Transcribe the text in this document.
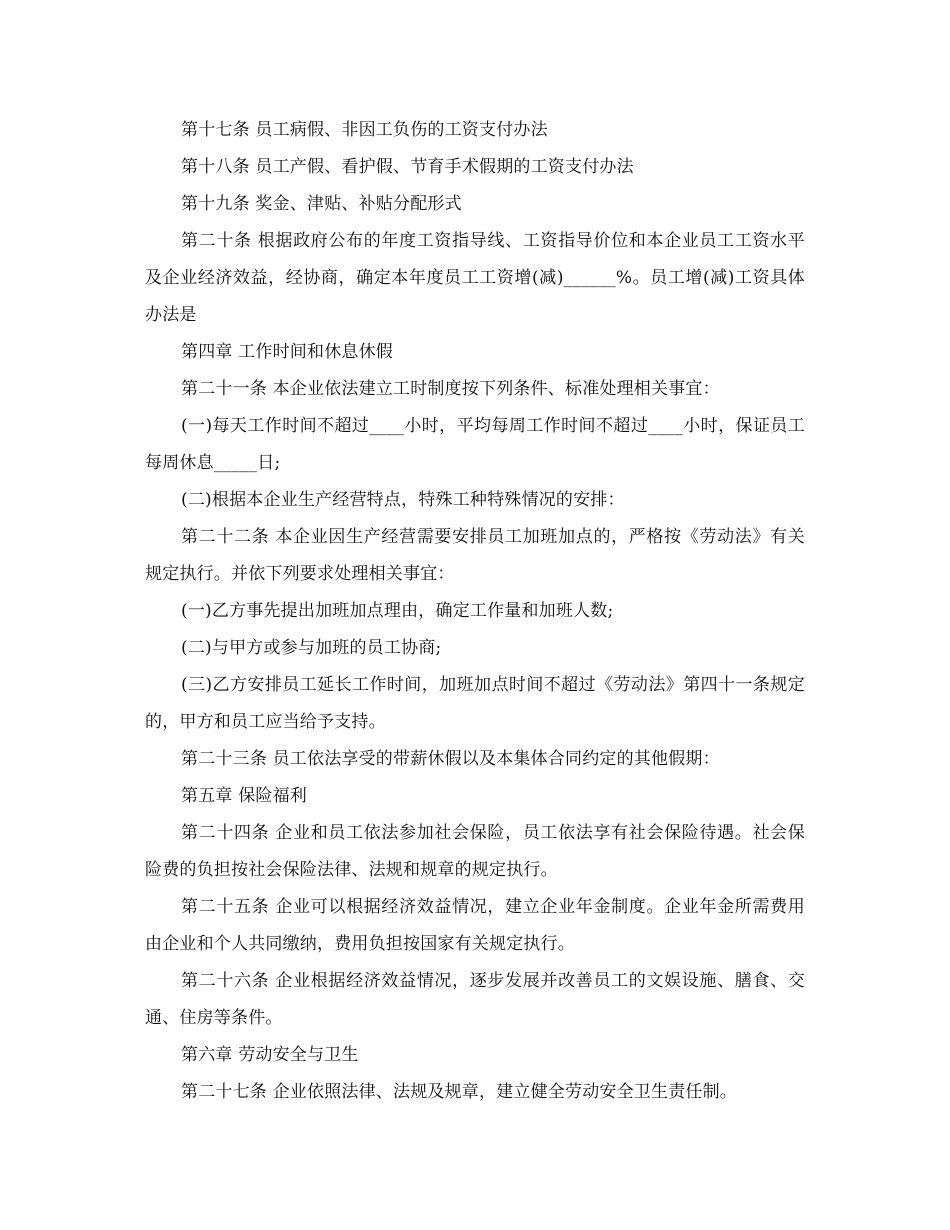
第十七条 员工病假、非因工负伤的工资支付办法

第十八条 员工产假、看护假、节育手术假期的工资支付办法

第十九条 奖金、津贴、补贴分配形式

第二十条 根据政府公布的年度工资指导线、工资指导价位和本企业员工工资水平及企业经济效益，经协商，确定本年度员工工资增(减)______%。员工增(减)工资具体办法是

第四章 工作时间和休息休假

第二十一条 本企业依法建立工时制度按下列条件、标准处理相关事宜：

(一)每天工作时间不超过____小时，平均每周工作时间不超过____小时，保证员工每周休息_____日;

(二)根据本企业生产经营特点，特殊工种特殊情况的安排：

第二十二条 本企业因生产经营需要安排员工加班加点的，严格按《劳动法》有关规定执行。并依下列要求处理相关事宜：

(一)乙方事先提出加班加点理由，确定工作量和加班人数;

(二)与甲方或参与加班的员工协商;

(三)乙方安排员工延长工作时间，加班加点时间不超过《劳动法》第四十一条规定的，甲方和员工应当给予支持。

第二十三条 员工依法享受的带薪休假以及本集体合同约定的其他假期：

第五章 保险福利

第二十四条 企业和员工依法参加社会保险，员工依法享有社会保险待遇。社会保险费的负担按社会保险法律、法规和规章的规定执行。

第二十五条 企业可以根据经济效益情况，建立企业年金制度。企业年金所需费用由企业和个人共同缴纳，费用负担按国家有关规定执行。

第二十六条 企业根据经济效益情况，逐步发展并改善员工的文娱设施、膳食、交通、住房等条件。

第六章 劳动安全与卫生

第二十七条 企业依照法律、法规及规章，建立健全劳动安全卫生责任制。
